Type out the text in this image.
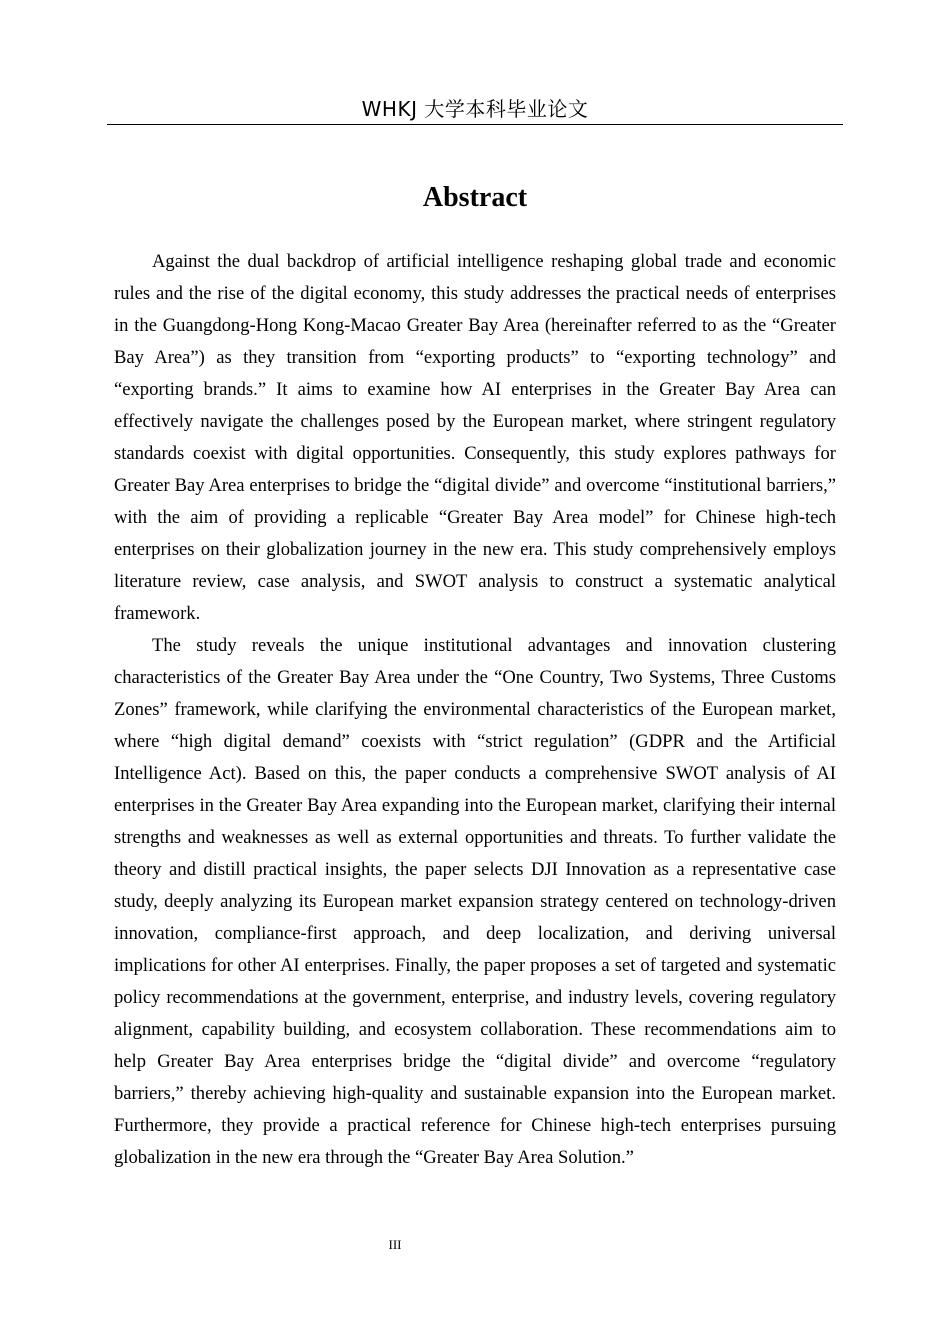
WHKJ 大学本科毕业论文
Abstract

Against the dual backdrop of artificial intelligence reshaping global trade and economic rules and the rise of the digital economy, this study addresses the practical needs of enterprises in the Guangdong-Hong Kong-Macao Greater Bay Area (hereinafter referred to as the “Greater Bay Area”) as they transition from “exporting products” to “exporting technology” and “exporting brands.” It aims to examine how AI enterprises in the Greater Bay Area can effectively navigate the challenges posed by the European market, where stringent regulatory standards coexist with digital opportunities. Consequently, this study explores pathways for Greater Bay Area enterprises to bridge the “digital divide” and overcome “institutional barriers,” with the aim of providing a replicable “Greater Bay Area model” for Chinese high-tech enterprises on their globalization journey in the new era. This study comprehensively employs literature review, case analysis, and SWOT analysis to construct a systematic analytical framework.

The study reveals the unique institutional advantages and innovation clustering characteristics of the Greater Bay Area under the “One Country, Two Systems, Three Customs Zones” framework, while clarifying the environmental characteristics of the European market, where “high digital demand” coexists with “strict regulation” (GDPR and the Artificial Intelligence Act). Based on this, the paper conducts a comprehensive SWOT analysis of AI enterprises in the Greater Bay Area expanding into the European market, clarifying their internal strengths and weaknesses as well as external opportunities and threats. To further validate the theory and distill practical insights, the paper selects DJI Innovation as a representative case study, deeply analyzing its European market expansion strategy centered on technology-driven innovation, compliance-first approach, and deep localization, and deriving universal implications for other AI enterprises. Finally, the paper proposes a set of targeted and systematic policy recommendations at the government, enterprise, and industry levels, covering regulatory alignment, capability building, and ecosystem collaboration. These recommendations aim to help Greater Bay Area enterprises bridge the “digital divide” and overcome “regulatory barriers,” thereby achieving high-quality and sustainable expansion into the European market. Furthermore, they provide a practical reference for Chinese high-tech enterprises pursuing globalization in the new era through the “Greater Bay Area Solution.”

III
